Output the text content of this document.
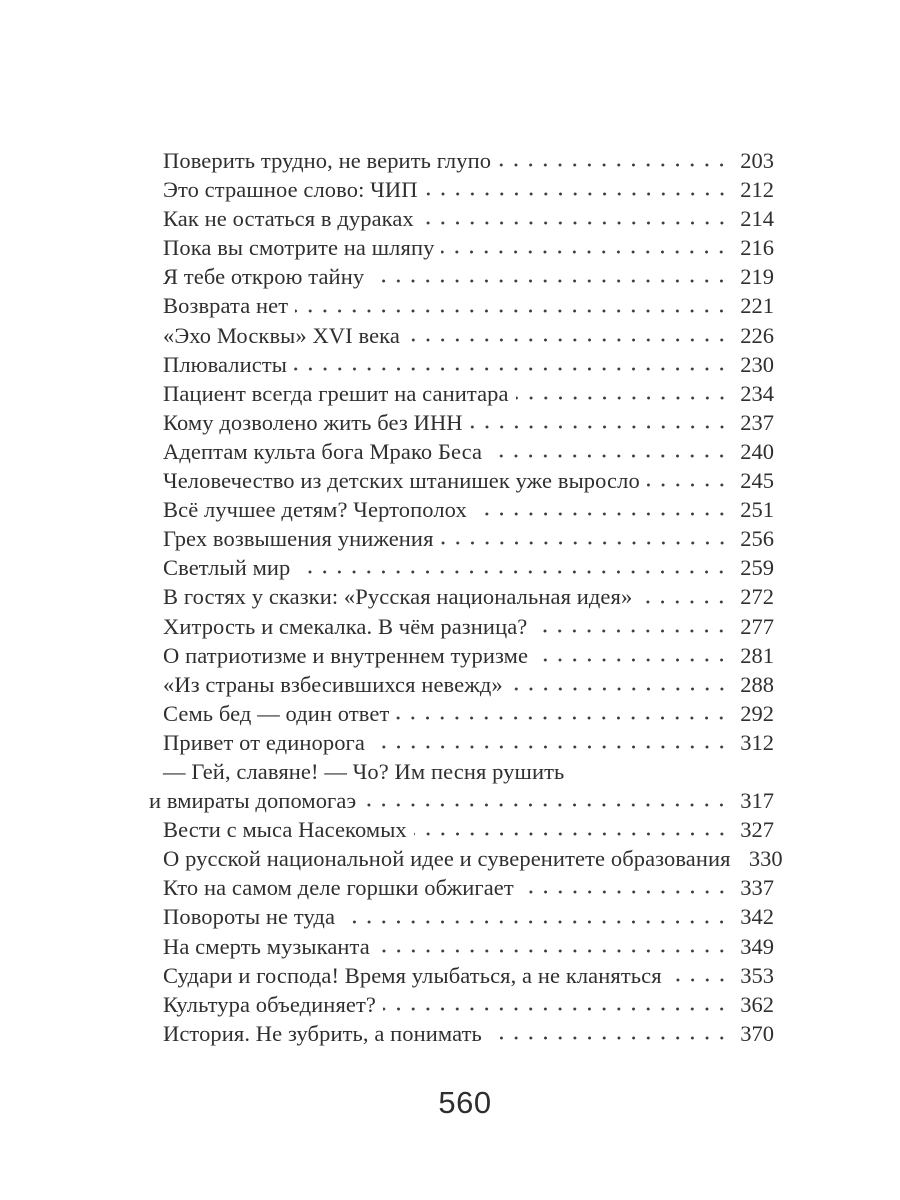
Поверить трудно, не верить глупо	203
Это страшное слово: ЧИП	212
Как не остаться в дураках	214
Пока вы смотрите на шляпу	216
Я тебе открою тайну	219
Возврата нет	221
«Эхо Москвы» XVI века	226
Плювалисты	230
Пациент всегда грешит на санитара	234
Кому дозволено жить без ИНН	237
Адептам культа бога Мрако Беса	240
Человечество из детских штанишек уже выросло	245
Всё лучшее детям? Чертополох	251
Грех возвышения унижения	256
Светлый мир	259
В гостях у сказки: «Русская национальная идея»	272
Хитрость и смекалка. В чём разница?	277
О патриотизме и внутреннем туризме	281
«Из страны взбесившихся невежд»	288
Семь бед — один ответ	292
Привет от единорога	312
— Гей, славяне! — Чо? Им песня рушить
и вмираты допомогаэ	317
Вести с мыса Насекомых	327
О русской национальной идее и суверенитете образования 330
Кто на самом деле горшки обжигает	337
Повороты не туда	342
На смерть музыканта	349
Судари и господа! Время улыбаться, а не кланяться	353
Культура объединяет?	362
История. Не зубрить, а понимать	370
560
